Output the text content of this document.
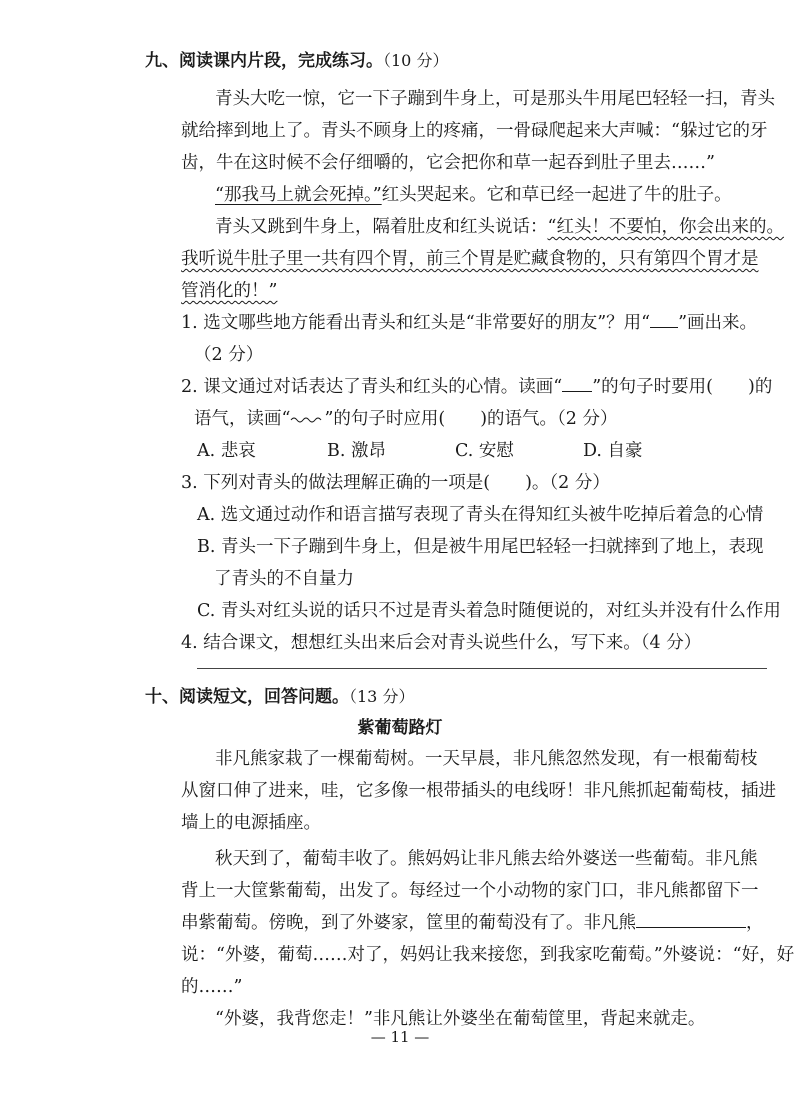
九、阅读课内片段，完成练习。（10 分）
青头大吃一惊，它一下子蹦到牛身上，可是那头牛用尾巴轻轻一扫，青头
就给摔到地上了。青头不顾身上的疼痛，一骨碌爬起来大声喊：“躲过它的牙
齿，牛在这时候不会仔细嚼的，它会把你和草一起吞到肚子里去……”
“那我马上就会死掉。”红头哭起来。它和草已经一起进了牛的肚子。
青头又跳到牛身上，隔着肚皮和红头说话：“红头！不要怕，你会出来的。
我听说牛肚子里一共有四个胃，前三个胃是贮藏食物的，只有第四个胃才是
管消化的！”
1. 选文哪些地方能看出青头和红头是“非常要好的朋友”？用“ ”画出来。
（2 分）
2. 课文通过对话表达了青头和红头的心情。读画“ ”的句子时要用(　　)的
语气，读画“ ”的句子时应用(　　)的语气。（2 分）
A. 悲哀	B. 激昂	C. 安慰	D. 自豪
3. 下列对青头的做法理解正确的一项是(　　)。（2 分）
A. 选文通过动作和语言描写表现了青头在得知红头被牛吃掉后着急的心情
B. 青头一下子蹦到牛身上，但是被牛用尾巴轻轻一扫就摔到了地上，表现
了青头的不自量力
C. 青头对红头说的话只不过是青头着急时随便说的，对红头并没有什么作用
4. 结合课文，想想红头出来后会对青头说些什么，写下来。（4 分）
十、阅读短文，回答问题。（13 分）
紫葡萄路灯
非凡熊家栽了一棵葡萄树。一天早晨，非凡熊忽然发现，有一根葡萄枝
从窗口伸了进来，哇，它多像一根带插头的电线呀！非凡熊抓起葡萄枝，插进
墙上的电源插座。
秋天到了，葡萄丰收了。熊妈妈让非凡熊去给外婆送一些葡萄。非凡熊
背上一大筐紫葡萄，出发了。每经过一个小动物的家门口，非凡熊都留下一
串紫葡萄。傍晚，到了外婆家，筐里的葡萄没有了。非凡熊	，
说：“外婆，葡萄……对了，妈妈让我来接您，到我家吃葡萄。”外婆说：“好，好
的……”
“外婆，我背您走！”非凡熊让外婆坐在葡萄筐里，背起来就走。
— 11 —
